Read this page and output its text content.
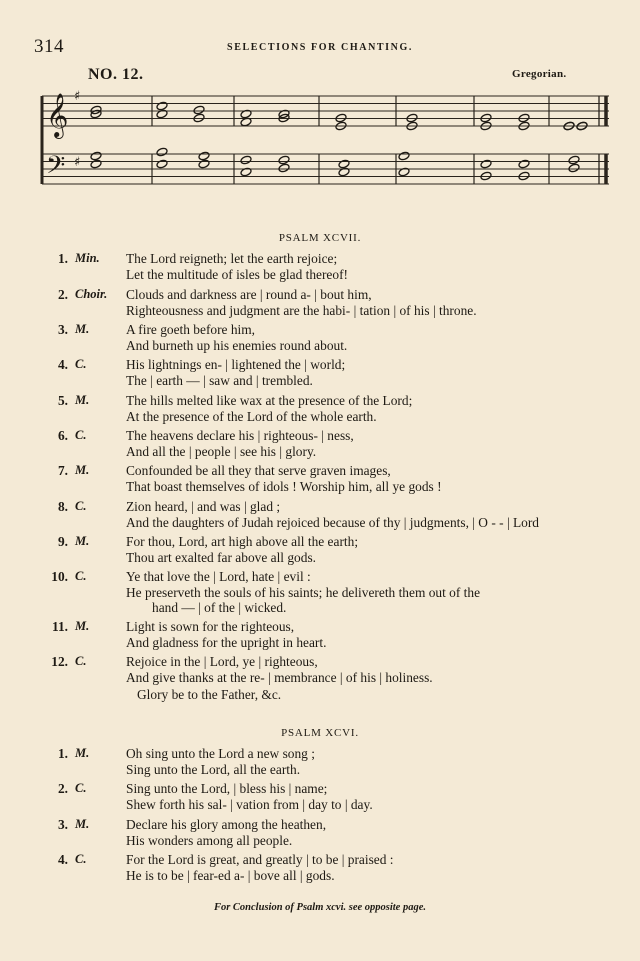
314	SELECTIONS FOR CHANTING.
NO. 12.	Gregorian.
𝄞
𝄢
♯
♯
PSALM XCVII.
1. Min. The Lord reigneth; let the earth rejoice;
Let the multitude of isles be glad thereof!
2. Choir. Clouds and darkness are | round a- | bout him,
Righteousness and judgment are the habi- | tation | of his | throne.
3. M.	A fire goeth before him,
And burneth up his enemies round about.
4. C.	His lightnings en- | lightened the | world;
The | earth — | saw and | trembled.
5. M.	The hills melted like wax at the presence of the Lord;
At the presence of the Lord of the whole earth.
6. C.	The heavens declare his | righteous- | ness,
And all the | people | see his | glory.
7. M.	Confounded be all they that serve graven images,
That boast themselves of idols ! Worship him, all ye gods !
8. C.	Zion heard, | and was | glad ;
And the daughters of Judah rejoiced because of thy | judgments, | O - - | Lord
9. M.	For thou, Lord, art high above all the earth;
Thou art exalted far above all gods.
10. C.	Ye that love the | Lord, hate | evil :
He preserveth the souls of his saints; he delivereth them out of the
hand — | of the | wicked.
11. M.	Light is sown for the righteous,
And gladness for the upright in heart.
12. C.	Rejoice in the | Lord, ye | righteous,
And give thanks at the re- | membrance | of his | holiness.
Glory be to the Father, &c.
PSALM XCVI.
1. M.	Oh sing unto the Lord a new song ;
Sing unto the Lord, all the earth.
2. C.	Sing unto the Lord, | bless his | name;
Shew forth his sal- | vation from | day to | day.
3. M.	Declare his glory among the heathen,
His wonders among all people.
4. C.	For the Lord is great, and greatly | to be | praised :
He is to be | fear-ed a- | bove all | gods.
For Conclusion of Psalm xcvi. see opposite page.
